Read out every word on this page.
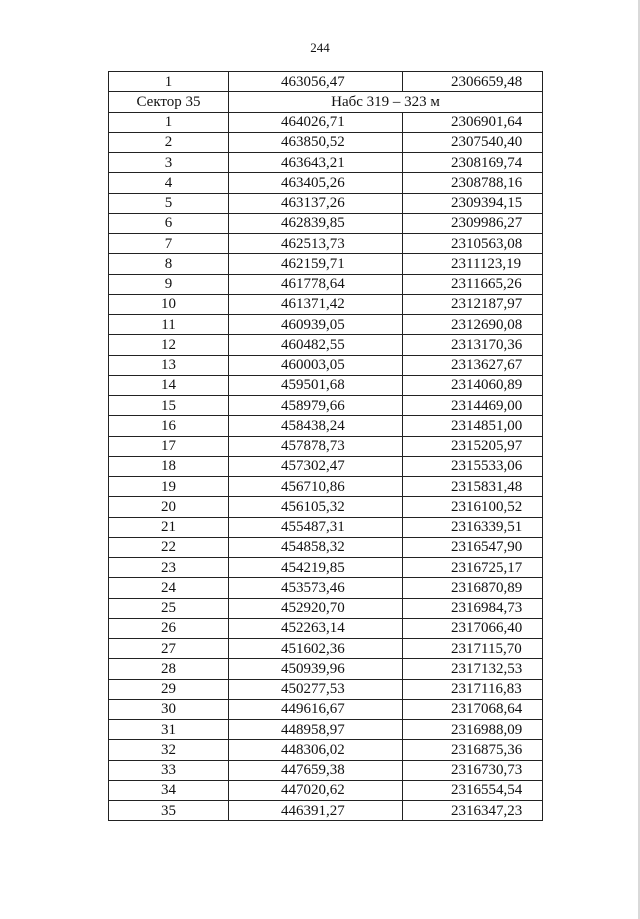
244
1	463056,47	2306659,48
Сектор 35	Набс 319 – 323 м	
1	464026,71	2306901,64
2	463850,52	2307540,40
3	463643,21	2308169,74
4	463405,26	2308788,16
5	463137,26	2309394,15
6	462839,85	2309986,27
7	462513,73	2310563,08
8	462159,71	2311123,19
9	461778,64	2311665,26
10	461371,42	2312187,97
11	460939,05	2312690,08
12	460482,55	2313170,36
13	460003,05	2313627,67
14	459501,68	2314060,89
15	458979,66	2314469,00
16	458438,24	2314851,00
17	457878,73	2315205,97
18	457302,47	2315533,06
19	456710,86	2315831,48
20	456105,32	2316100,52
21	455487,31	2316339,51
22	454858,32	2316547,90
23	454219,85	2316725,17
24	453573,46	2316870,89
25	452920,70	2316984,73
26	452263,14	2317066,40
27	451602,36	2317115,70
28	450939,96	2317132,53
29	450277,53	2317116,83
30	449616,67	2317068,64
31	448958,97	2316988,09
32	448306,02	2316875,36
33	447659,38	2316730,73
34	447020,62	2316554,54
35	446391,27	2316347,23
